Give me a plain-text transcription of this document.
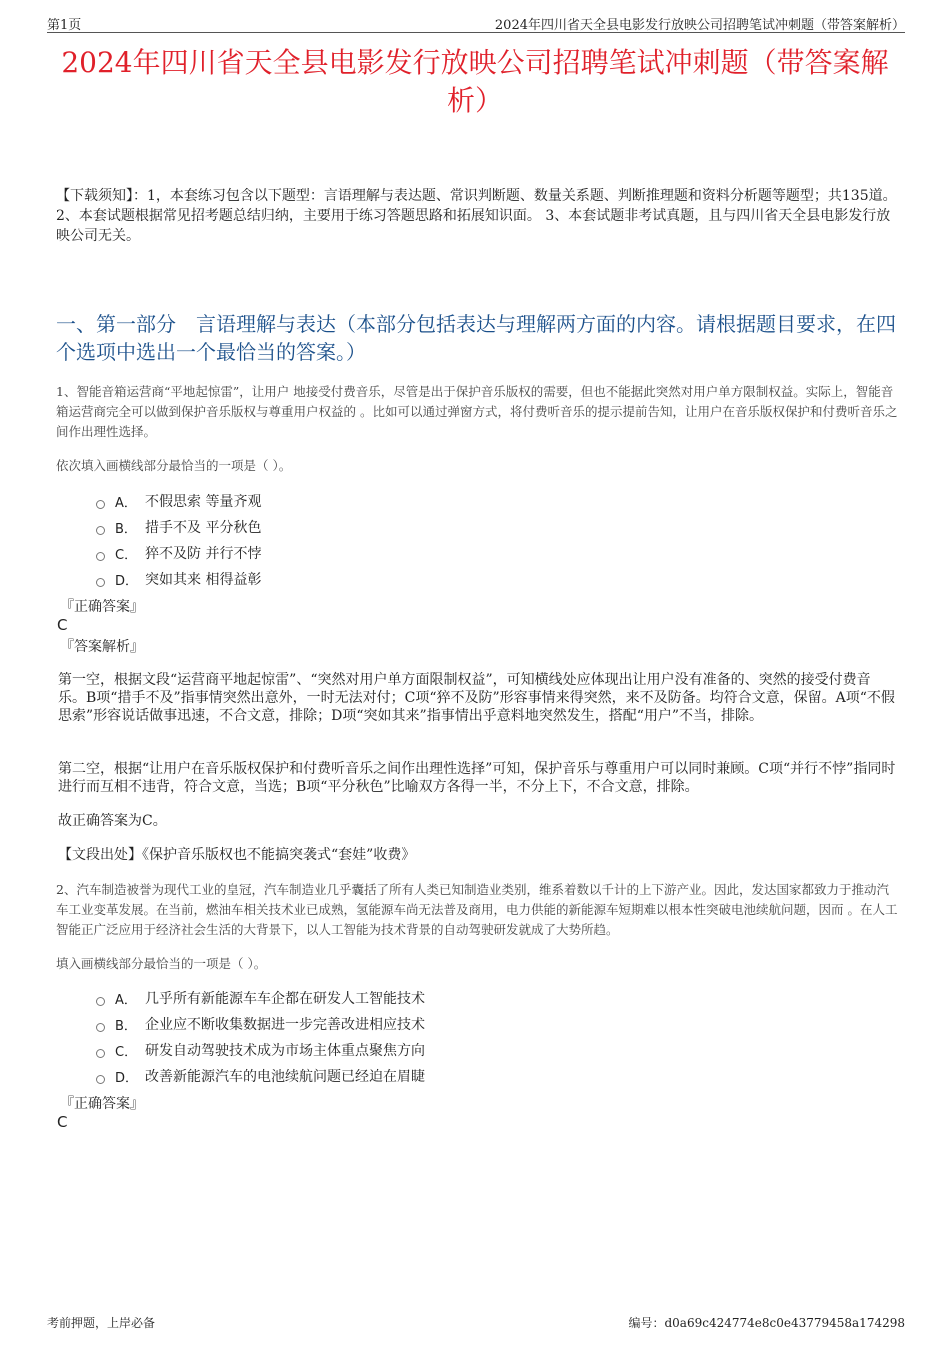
第1页	2024年四川省天全县电影发行放映公司招聘笔试冲刺题（带答案解析）
2024年四川省天全县电影发行放映公司招聘笔试冲刺题（带答案解析）
【下载须知】：1，本套练习包含以下题型：言语理解与表达题、常识判断题、数量关系题、判断推理题和资料分析题等题型；共135道。 2、本套试题根据常见招考题总结归纳，主要用于练习答题思路和拓展知识面。 3、本套试题非考试真题，且与四川省天全县电影发行放映公司无关。
一、第一部分　言语理解与表达（本部分包括表达与理解两方面的内容。请根据题目要求，在四个选项中选出一个最恰当的答案。）
1、智能音箱运营商“平地起惊雷”，让用户 地接受付费音乐，尽管是出于保护音乐版权的需要，但也不能据此突然对用户单方限制权益。实际上，智能音箱运营商完全可以做到保护音乐版权与尊重用户权益的 。比如可以通过弹窗方式，将付费听音乐的提示提前告知，让用户在音乐版权保护和付费听音乐之间作出理性选择。
依次填入画横线部分最恰当的一项是（ ）。
A． 不假思索 等量齐观
B． 措手不及 平分秋色
C． 猝不及防 并行不悖
D． 突如其来 相得益彰
『正确答案』
C
『答案解析』
第一空，根据文段“运营商平地起惊雷”、“突然对用户单方面限制权益”，可知横线处应体现出让用户没有准备的、突然的接受付费音乐。B项“措手不及”指事情突然出意外，一时无法对付；C项“猝不及防”形容事情来得突然，来不及防备。均符合文意，保留。A项“不假思索”形容说话做事迅速，不合文意，排除；D项“突如其来”指事情出乎意料地突然发生，搭配“用户”不当，排除。
第二空，根据“让用户在音乐版权保护和付费听音乐之间作出理性选择”可知，保护音乐与尊重用户可以同时兼顾。C项“并行不悖”指同时进行而互相不违背，符合文意，当选；B项“平分秋色”比喻双方各得一半，不分上下，不合文意，排除。
故正确答案为C。
【文段出处】《保护音乐版权也不能搞突袭式“套娃”收费》
2、汽车制造被誉为现代工业的皇冠，汽车制造业几乎囊括了所有人类已知制造业类别，维系着数以千计的上下游产业。因此，发达国家都致力于推动汽车工业变革发展。在当前，燃油车相关技术业已成熟，氢能源车尚无法普及商用，电力供能的新能源车短期难以根本性突破电池续航问题，因而 。在人工智能正广泛应用于经济社会生活的大背景下，以人工智能为技术背景的自动驾驶研发就成了大势所趋。
填入画横线部分最恰当的一项是（ ）。
A． 几乎所有新能源车车企都在研发人工智能技术
B． 企业应不断收集数据进一步完善改进相应技术
C． 研发自动驾驶技术成为市场主体重点聚焦方向
D． 改善新能源汽车的电池续航问题已经迫在眉睫
『正确答案』
C
考前押题，上岸必备	编号：d0a69c424774e8c0e43779458a174298
